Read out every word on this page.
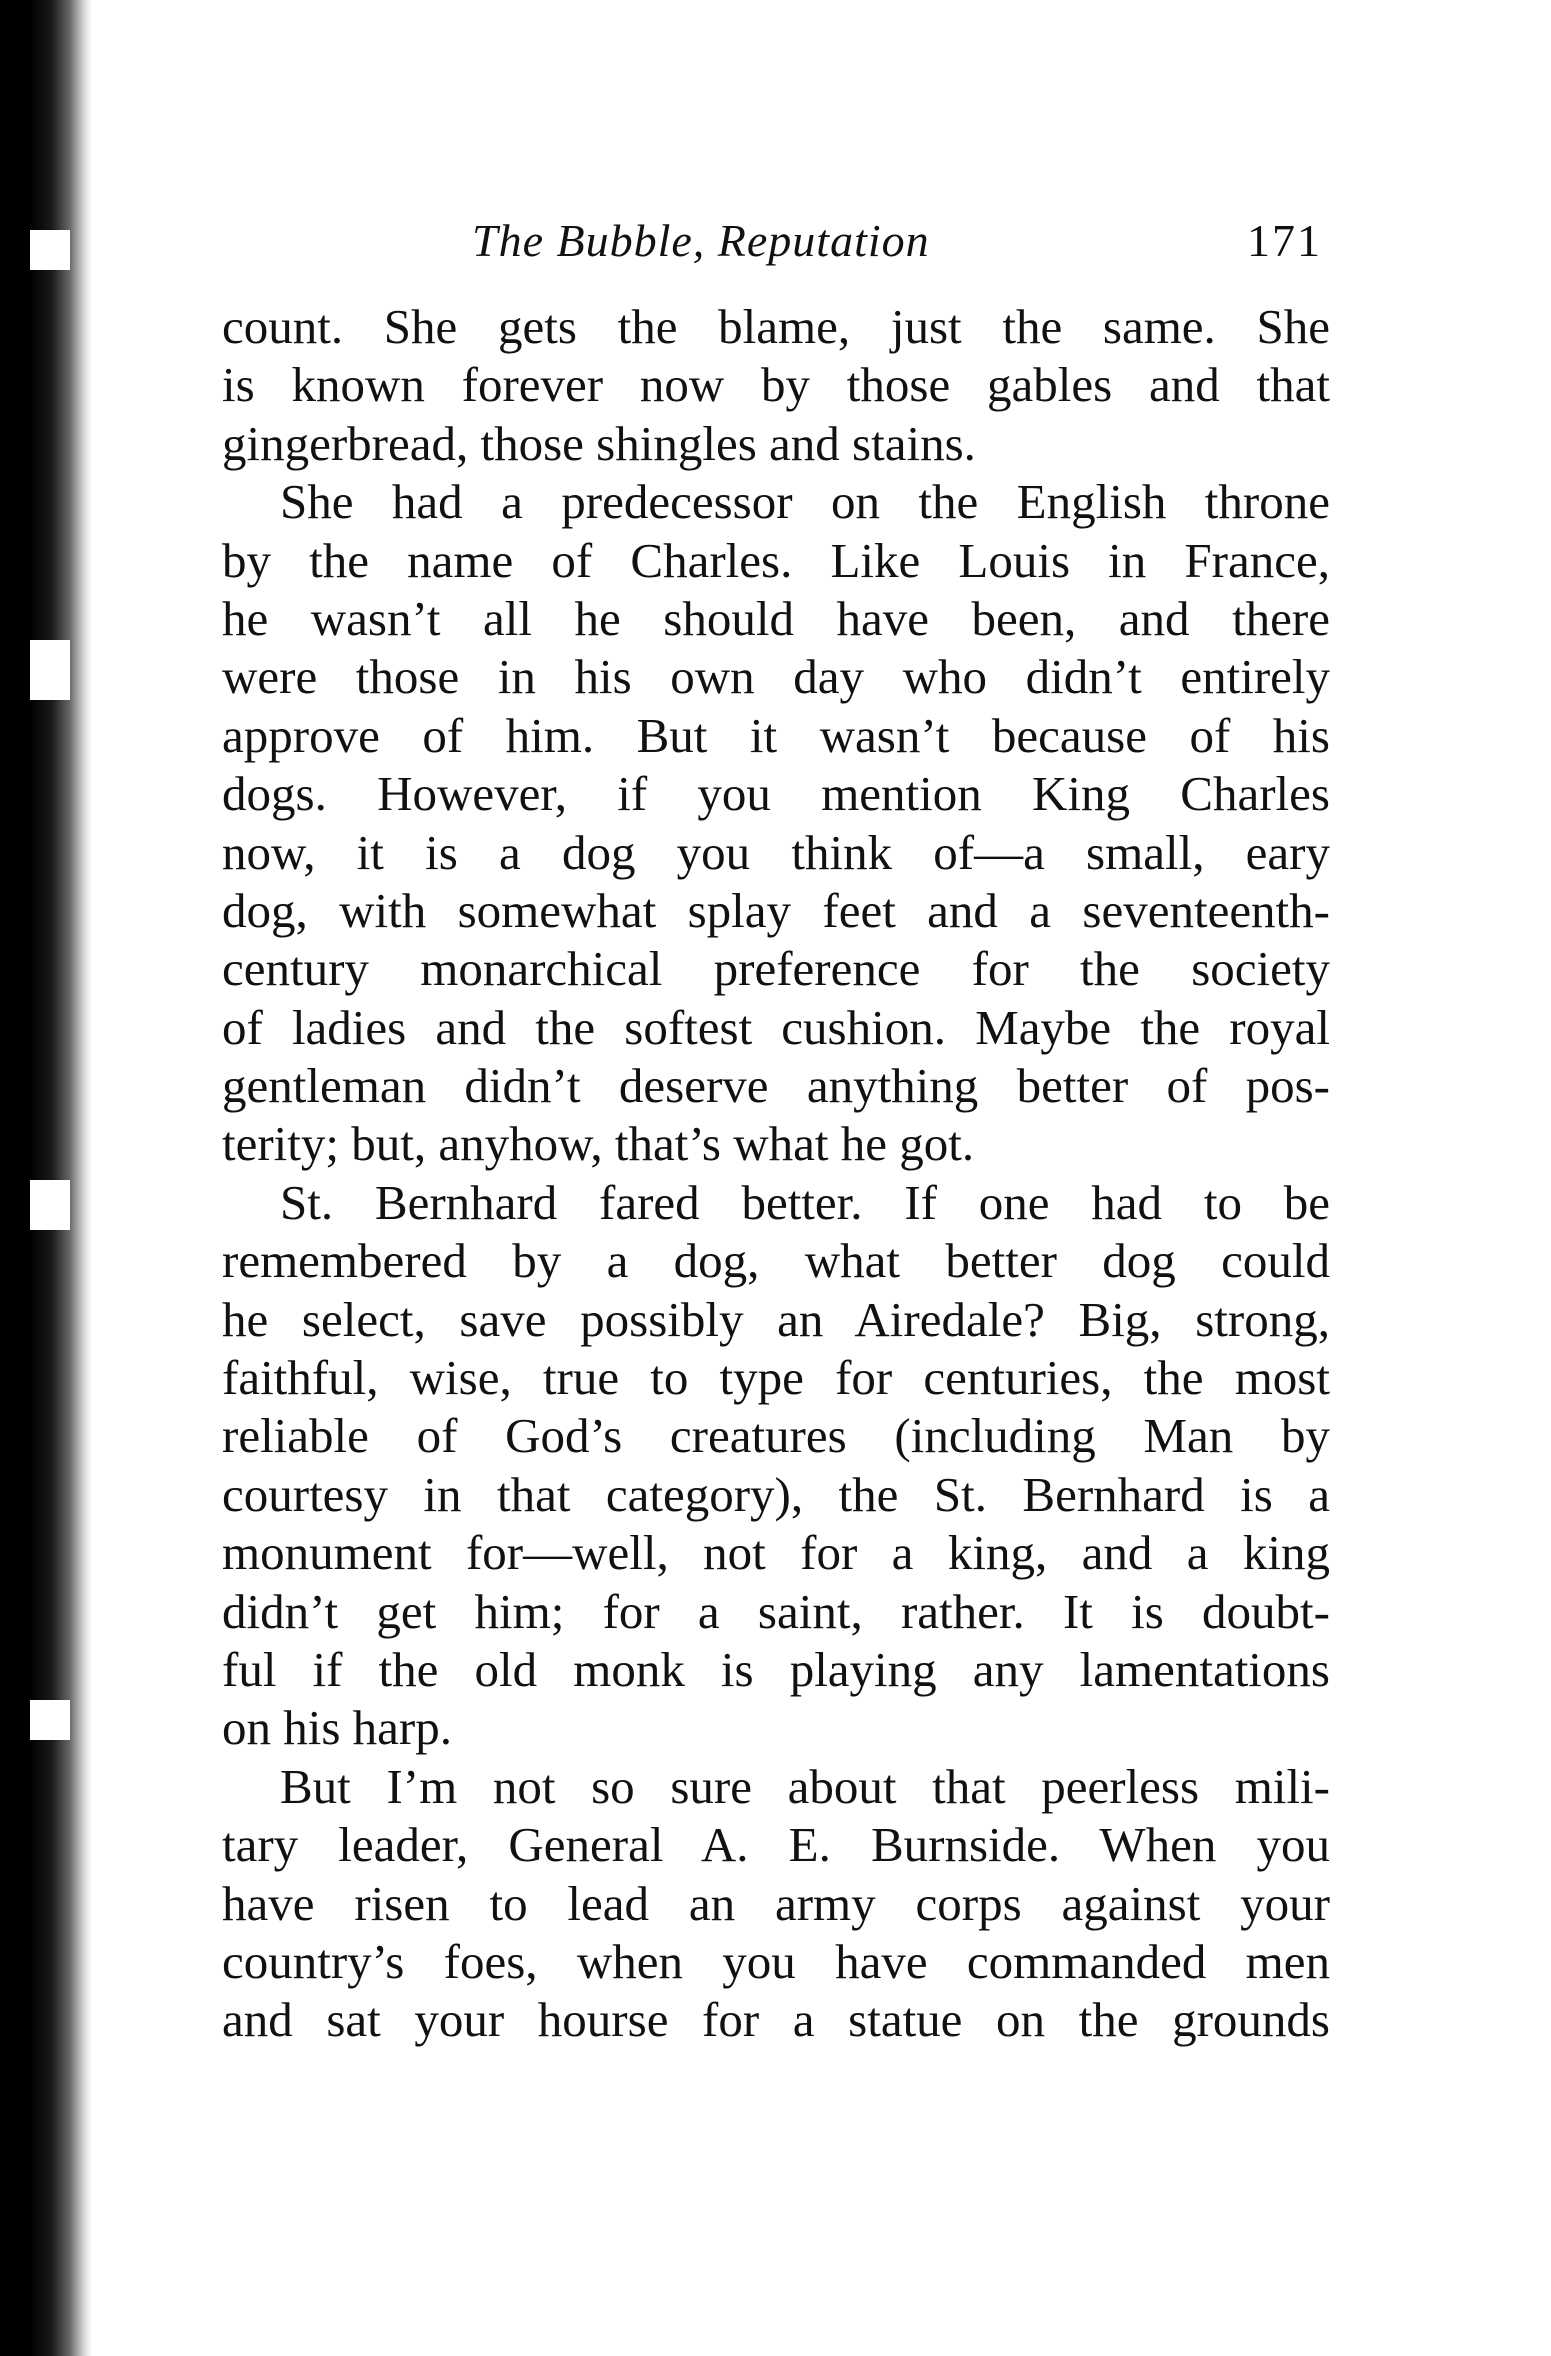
The Bubble, Reputation	171
count. She gets the blame, just the same. She
is known forever now by those gables and that
gingerbread, those shingles and stains.
She had a predecessor on the English throne
by the name of Charles. Like Louis in France,
he wasn’t all he should have been, and there
were those in his own day who didn’t entirely
approve of him. But it wasn’t because of his
dogs. However, if you mention King Charles
now, it is a dog you think of—a small, eary
dog, with somewhat splay feet and a seventeenth-
century monarchical preference for the society
of ladies and the softest cushion. Maybe the royal
gentleman didn’t deserve anything better of pos-
terity; but, anyhow, that’s what he got.
St. Bernhard fared better. If one had to be
remembered by a dog, what better dog could
he select, save possibly an Airedale? Big, strong,
faithful, wise, true to type for centuries, the most
reliable of God’s creatures (including Man by
courtesy in that category), the St. Bernhard is a
monument for—well, not for a king, and a king
didn’t get him; for a saint, rather. It is doubt-
ful if the old monk is playing any lamentations
on his harp.
But I’m not so sure about that peerless mili-
tary leader, General A. E. Burnside. When you
have risen to lead an army corps against your
country’s foes, when you have commanded men
and sat your hourse for a statue on the grounds
